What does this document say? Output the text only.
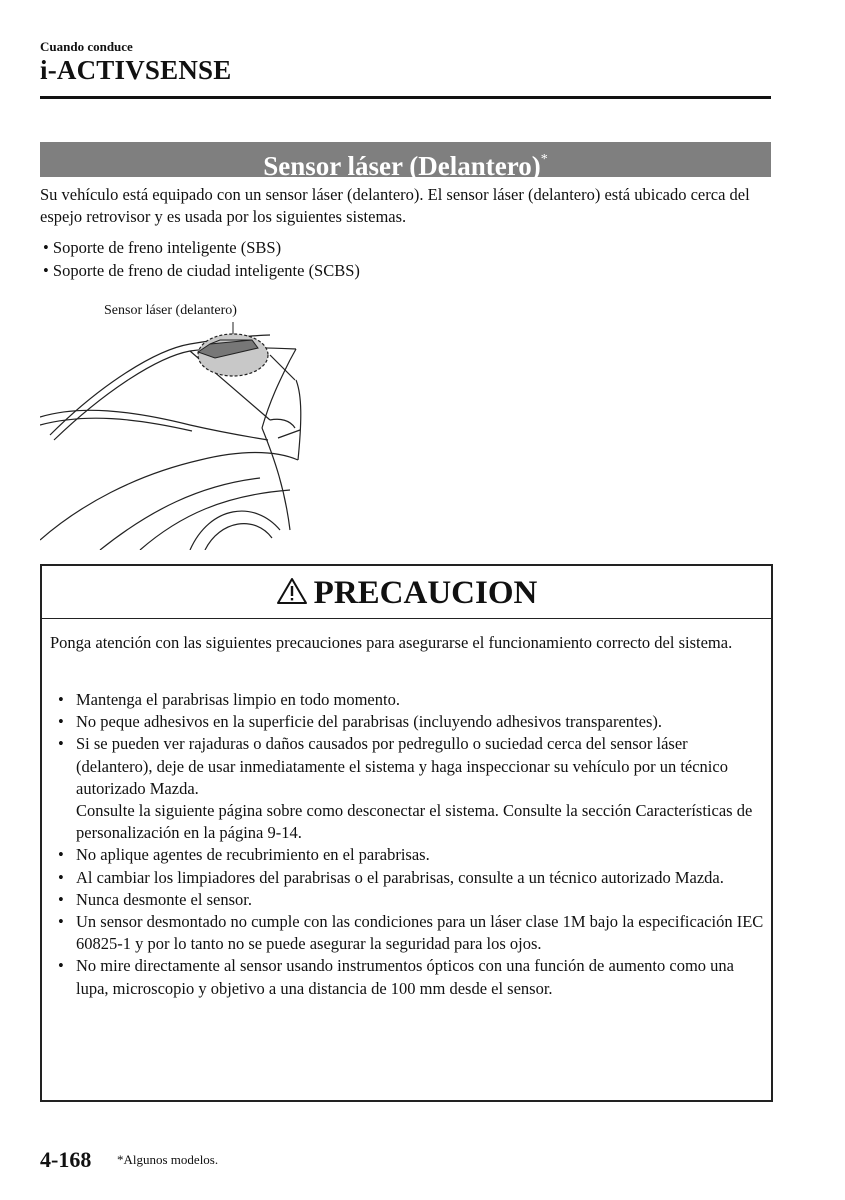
Cuando conduce
i-ACTIVSENSE
Sensor láser (Delantero)*
Su vehículo está equipado con un sensor láser (delantero). El sensor láser (delantero) está ubicado cerca del espejo retrovisor y es usada por los siguientes sistemas.
• Soporte de freno inteligente (SBS)
• Soporte de freno de ciudad inteligente (SCBS)
Sensor láser (delantero)
PRECAUCION
Ponga atención con las siguientes precauciones para asegurarse el funcionamiento correcto del sistema.
• Mantenga el parabrisas limpio en todo momento.
• No peque adhesivos en la superficie del parabrisas (incluyendo adhesivos transparentes).
• Si se pueden ver rajaduras o daños causados por pedregullo o suciedad cerca del sensor láser (delantero), deje de usar inmediatamente el sistema y haga inspeccionar su vehículo por un técnico autorizado Mazda.
Consulte la siguiente página sobre como desconectar el sistema. Consulte la sección Características de personalización en la página 9-14.
• No aplique agentes de recubrimiento en el parabrisas.
• Al cambiar los limpiadores del parabrisas o el parabrisas, consulte a un técnico autorizado Mazda.
• Nunca desmonte el sensor.
• Un sensor desmontado no cumple con las condiciones para un láser clase 1M bajo la especificación IEC 60825-1 y por lo tanto no se puede asegurar la seguridad para los ojos.
• No mire directamente al sensor usando instrumentos ópticos con una función de aumento como una lupa, microscopio y objetivo a una distancia de 100 mm desde el sensor.
4-168 *Algunos modelos.
